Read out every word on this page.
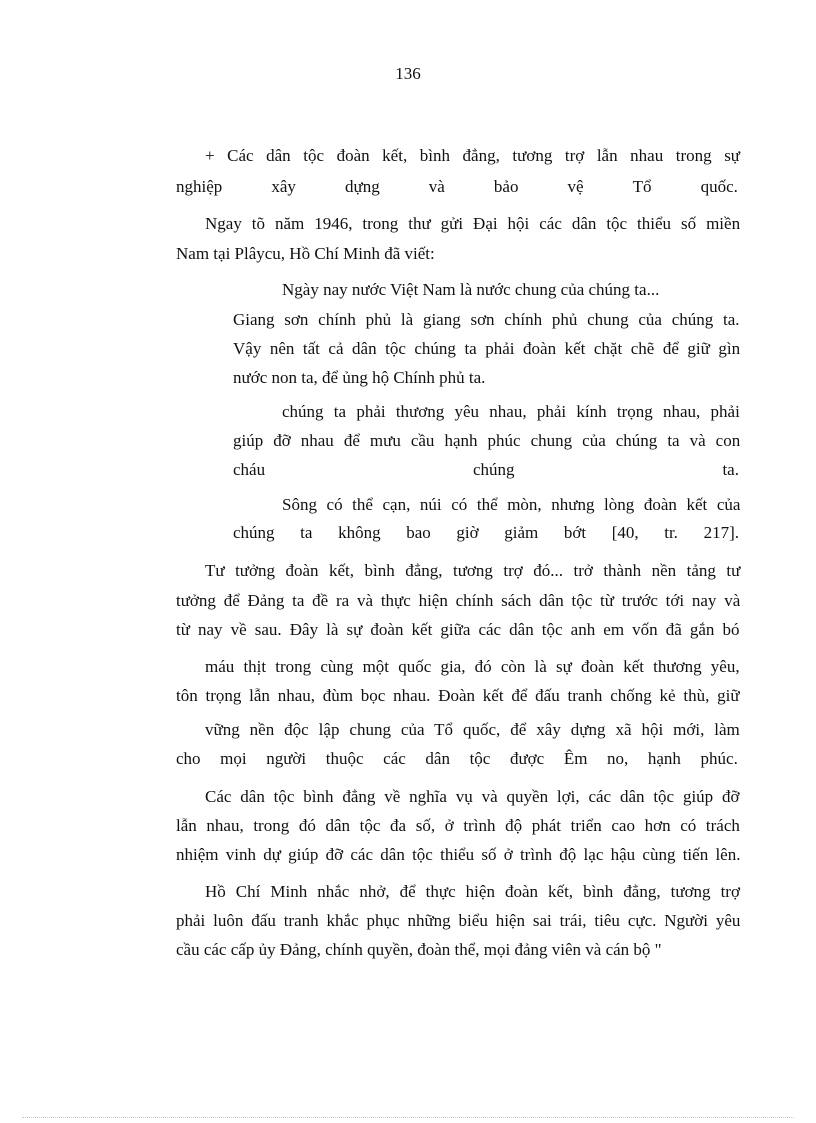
136
+ Các dân tộc đoàn kết, bình đẳng, tương trợ lẫn nhau trong sự
nghiệp	xây	dựng	và	bảo	vệ	Tổ	quốc.
Ngay tõ năm 1946, trong thư gửi Đại hội các dân tộc thiểu số miền
Nam tại Plâycu, Hồ Chí Minh đã viết:
Ngày nay nước Việt Nam là nước chung của chúng ta...
Giang sơn chính phủ là giang sơn chính phủ chung của chúng ta.
Vậy nên tất cả dân tộc chúng ta phải đoàn kết chặt chẽ để giữ gìn
nước non ta, để ủng hộ Chính phủ ta.
chúng ta phải thương yêu nhau, phải kính trọng nhau, phải
giúp đỡ nhau để mưu cầu hạnh phúc chung của chúng ta và con
cháu	chúng	ta.
Sông có thể cạn, núi có thể mòn, nhưng lòng đoàn kết của
chúng ta không bao giờ giảm bớt [40, tr. 217].
Tư tưởng đoàn kết, bình đẳng, tương trợ đó... trở thành nền tảng tư
tưởng để Đảng ta đề ra và thực hiện chính sách dân tộc từ trước tới nay và
từ nay về sau. Đây là sự đoàn kết giữa các dân tộc anh em vốn đã gắn bó
máu thịt trong cùng một quốc gia, đó còn là sự đoàn kết thương yêu,
tôn trọng lẫn nhau, đùm bọc nhau. Đoàn kết để đấu tranh chống kẻ thù, giữ
vững nền độc lập chung của Tổ quốc, để xây dựng xã hội mới, làm
cho mọi người thuộc các dân tộc được Êm no, hạnh phúc.
Các dân tộc bình đẳng về nghĩa vụ và quyền lợi, các dân tộc giúp đỡ
lẫn nhau, trong đó dân tộc đa số, ở trình độ phát triển cao hơn có trách
nhiệm vinh dự giúp đỡ các dân tộc thiểu số ở trình độ lạc hậu cùng tiến lên.
Hồ Chí Minh nhắc nhở, để thực hiện đoàn kết, bình đẳng, tương trợ
phải luôn đấu tranh khắc phục những biểu hiện sai trái, tiêu cực. Người yêu
cầu các cấp ủy Đảng, chính quyền, đoàn thể, mọi đảng viên và cán bộ "
